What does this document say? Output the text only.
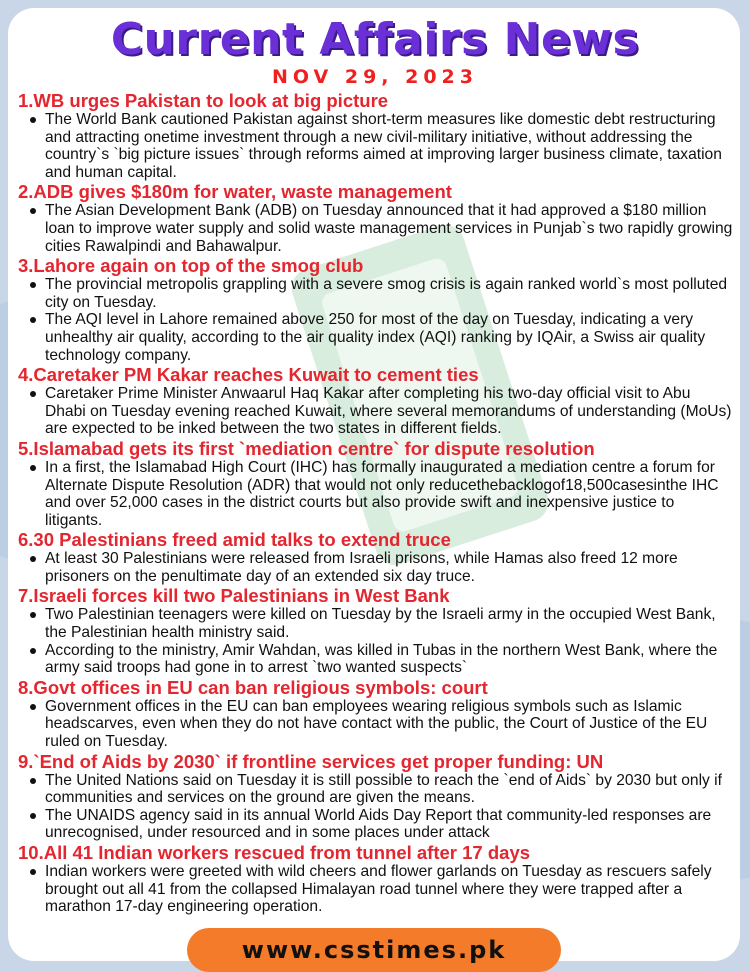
Current Affairs News
NOV 29, 2023
1.WB urges Pakistan to look at big picture
The World Bank cautioned Pakistan against short-term measures like domestic debt restructuring and attracting onetime investment through a new civil-military initiative, without addressing the country`s `big picture issues` through reforms aimed at improving larger business climate, taxation and human capital.
2.ADB gives $180m for water, waste management
The Asian Development Bank (ADB) on Tuesday announced that it had approved a $180 million loan to improve water supply and solid waste management services in Punjab`s two rapidly growing cities Rawalpindi and Bahawalpur.
3.Lahore again on top of the smog club
The provincial metropolis grappling with a severe smog crisis is again ranked world`s most polluted city on Tuesday.
The AQI level in Lahore remained above 250 for most of the day on Tuesday, indicating a very unhealthy air quality, according to the air quality index (AQI) ranking by IQAir, a Swiss air quality technology company.
4.Caretaker PM Kakar reaches Kuwait to cement ties
Caretaker Prime Minister Anwaarul Haq Kakar after completing his two-day official visit to Abu Dhabi on Tuesday evening reached Kuwait, where several memorandums of understanding (MoUs) are expected to be inked between the two states in different fields.
5.Islamabad gets its first `mediation centre` for dispute resolution
In a first, the Islamabad High Court (IHC) has formally inaugurated a mediation centre a forum for Alternate Dispute Resolution (ADR) that would not only reducethebacklogof18,500casesinthe IHC and over 52,000 cases in the district courts but also provide swift and inexpensive justice to litigants.
6.30 Palestinians freed amid talks to extend truce
At least 30 Palestinians were released from Israeli prisons, while Hamas also freed 12 more prisoners on the penultimate day of an extended six day truce.
7.Israeli forces kill two Palestinians in West Bank
Two Palestinian teenagers were killed on Tuesday by the Israeli army in the occupied West Bank, the Palestinian health ministry said.
According to the ministry, Amir Wahdan, was killed in Tubas in the northern West Bank, where the army said troops had gone in to arrest `two wanted suspects`
8.Govt offices in EU can ban religious symbols: court
Government offices in the EU can ban employees wearing religious symbols such as Islamic headscarves, even when they do not have contact with the public, the Court of Justice of the EU ruled on Tuesday.
9.`End of Aids by 2030` if frontline services get proper funding: UN
The United Nations said on Tuesday it is still possible to reach the `end of Aids` by 2030 but only if communities and services on the ground are given the means.
The UNAIDS agency said in its annual World Aids Day Report that community-led responses are unrecognised, under resourced and in some places under attack
10.All 41 Indian workers rescued from tunnel after 17 days
Indian workers were greeted with wild cheers and flower garlands on Tuesday as rescuers safely brought out all 41 from the collapsed Himalayan road tunnel where they were trapped after a marathon 17-day engineering operation.
www.csstimes.pk
